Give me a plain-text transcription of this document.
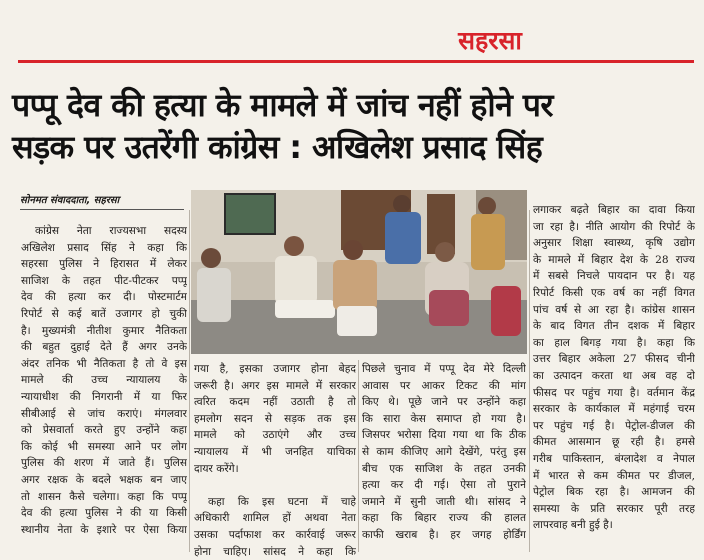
सहरसा
पप्पू देव की हत्या के मामले में जांच नहीं होने पर
सड़क पर उतरेंगी कांग्रेस : अखिलेश प्रसाद सिंह
सोनमत संवाददाता, सहरसा
कांग्रेस नेता राज्यसभा सदस्य
अखिलेश प्रसाद सिंह ने कहा कि
सहरसा पुलिस ने हिरासत में लेकर
साजिश के तहत पीट-पीटकर पप्पू
देव की हत्या कर दी। पोस्टमार्टम
रिपोर्ट से कई बातें उजागर हो चुकी
है। मुख्यमंत्री नीतीश कुमार नैतिकता
की बहुत दुहाई देते हैं अगर उनके
अंदर तनिक भी नैतिकता है तो वे इस
मामले की उच्च न्यायालय के
न्यायाधीश की निगरानी में या फिर
सीबीआई से जांच कराएं। मंगलवार
को प्रेसवार्ता करते हुए उन्होंने कहा
कि कोई भी समस्या आने पर लोग
पुलिस की शरण में जाते हैं। पुलिस
अगर रक्षक के बदले भक्षक बन जाए
तो शासन कैसे चलेगा। कहा कि पप्पू
देव की हत्या पुलिस ने की या किसी
स्थानीय नेता के इशारे पर ऐसा किया
गया है, इसका उजागर होना बेहद
जरूरी है। अगर इस मामले में सरकार
त्वरित कदम नहीं उठाती है तो
हमलोग सदन से सड़क तक इस
मामले को उठाएंगे और उच्च
न्यायालय में भी जनहित याचिका
दायर करेंगे।

कहा कि इस घटना में चाहे
अधिकारी शामिल हों अथवा नेता
उसका पर्दाफाश कर कार्रवाई जरूर
होना चाहिए। सांसद ने कहा कि
पिछले चुनाव में पप्पू देव मेरे दिल्ली
आवास पर आकर टिकट की मांग
किए थे। पूछे जाने पर उन्होंने कहा
कि सारा केस समाप्त हो गया है।
जिसपर भरोसा दिया गया था कि ठीक
से काम कीजिए आगे देखेंगे, परंतु इस
बीच एक साजिश के तहत उनकी
हत्या कर दी गई। ऐसा तो पुराने
जमाने में सुनी जाती थी। सांसद ने
कहा कि बिहार राज्य की हालत
काफी खराब है। हर जगह होर्डिंग
लगाकर बढ़ते बिहार का दावा किया
जा रहा है। नीति आयोग की रिपोर्ट के
अनुसार शिक्षा स्वास्थ्य, कृषि उद्योग
के मामले में बिहार देश के 28 राज्य
में सबसे निचले पायदान पर है। यह
रिपोर्ट किसी एक वर्ष का नहीं विगत
पांच वर्ष से आ रहा है। कांग्रेस शासन
के बाद विगत तीन दशक में बिहार
का हाल बिगड़ गया है। कहा कि
उत्तर बिहार अकेला 27 फीसद चीनी
का उत्पादन करता था अब वह दो
फीसद पर पहुंच गया है। वर्तमान केंद्र
सरकार के कार्यकाल में महंगाई चरम
पर पहुंच गई है। पेट्रोल-डीजल की
कीमत आसमान छू रही है। हमसे
गरीब पाकिस्तान, बंग्लादेश व नेपाल
में भारत से कम कीमत पर डीजल,
पेट्रोल बिक रहा है। आमजन की
समस्या के प्रति सरकार पूरी तरह
लापरवाह बनी हुई है।
